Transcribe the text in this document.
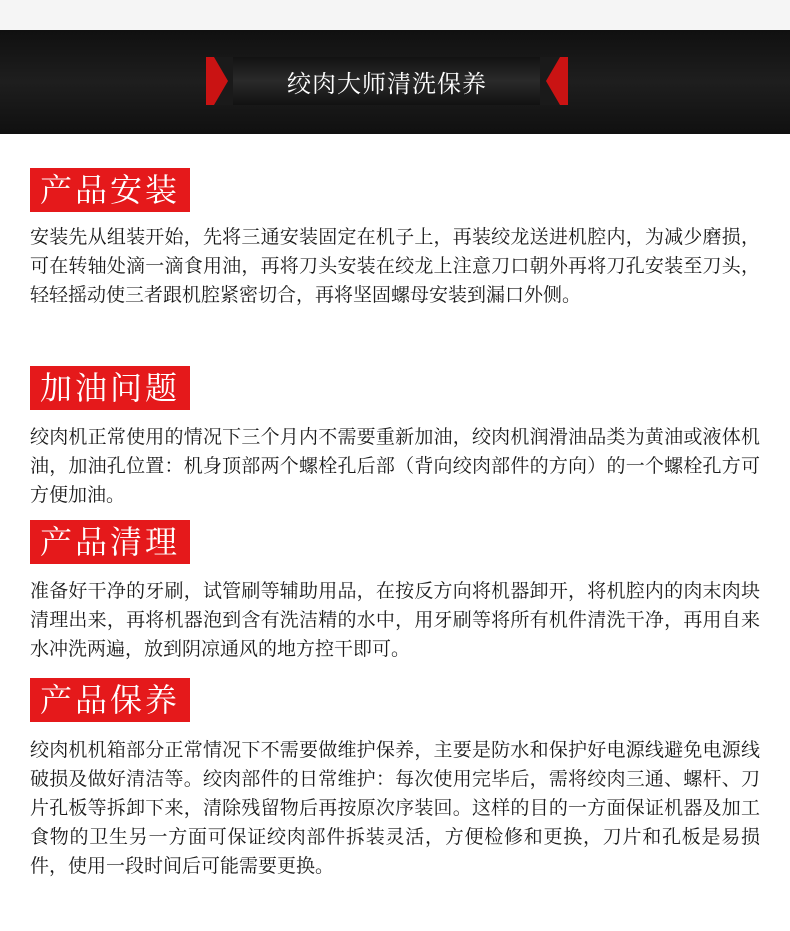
绞肉大师清洗保养
产品安装
安装先从组装开始，先将三通安装固定在机子上，再装绞龙送进机腔内，为减少磨损，可在转轴处滴一滴食用油，再将刀头安装在绞龙上注意刀口朝外再将刀孔安装至刀头，轻轻摇动使三者跟机腔紧密切合，再将坚固螺母安装到漏口外侧。
加油问题
绞肉机正常使用的情况下三个月内不需要重新加油，绞肉机润滑油品类为黄油或液体机油，加油孔位置：机身顶部两个螺栓孔后部（背向绞肉部件的方向）的一个螺栓孔方可方便加油。
产品清理
准备好干净的牙刷，试管刷等辅助用品，在按反方向将机器卸开，将机腔内的肉末肉块清理出来，再将机器泡到含有洗洁精的水中，用牙刷等将所有机件清洗干净，再用自来水冲洗两遍，放到阴凉通风的地方控干即可。
产品保养
绞肉机机箱部分正常情况下不需要做维护保养，主要是防水和保护好电源线避免电源线破损及做好清洁等。绞肉部件的日常维护：每次使用完毕后，需将绞肉三通、螺杆、刀片孔板等拆卸下来，清除残留物后再按原次序装回。这样的目的一方面保证机器及加工食物的卫生另一方面可保证绞肉部件拆装灵活，方便检修和更换，刀片和孔板是易损件，使用一段时间后可能需要更换。
